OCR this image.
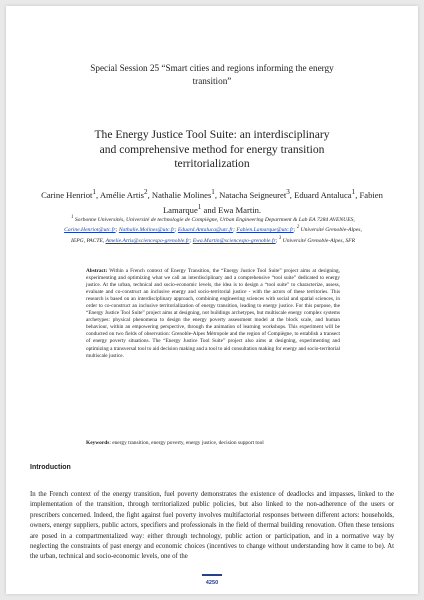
Special Session 25 “Smart cities and regions informing the energy
transition”
The Energy Justice Tool Suite: an interdisciplinary
and comprehensive method for energy transition
territorialization
Carine Henriot$^1$, Amélie Artis$^2$, Nathalie Molines$^1$, Natacha Seigneuret$^3$, Eduard Antaluca$^1$, Fabien Lamarque$^1$ and Ewa Martin.
$^1$ Sorbonne Universités, Université de technologie de Compiègne, Urban Engineering Department & Lab EA 7284 AVENUES, Carine.Henriot@utc.fr; Nathalie.Molines@utc.fr; Eduard.Antaluca@utc.fr; Fabien.Lamarque@utc.fr; $^2$ Université Grenoble-Alpes, IEPG, PACTE, Amelie.Artis@sciencespo-grenoble.fr; Ewa.Martin@sciencespo-grenoble.fr; $^3$ Université Grenoble-Alpes, SFR
Abstract: Within a French context of Energy Transition, the “Energy Justice Tool Suite” project aims at designing, experimenting and optimizing what we call an interdisciplinary and a comprehensive “tool suite” dedicated to energy justice. At the urban, technical and socio-economic levels, the idea is to design a “tool suite” to characterize, assess, evaluate and co-construct an inclusive energy and socio-territorial justice - with the actors of these territories. This research is based on an interdisciplinary approach, combining engineering sciences with social and spatial sciences, in order to co-construct an inclusive territorialization of energy transition, leading to energy justice. For this purpose, the “Energy Justice Tool Suite” project aims at designing, not buildings archetypes, but multiscale energy complex systems archetypes: physical phenomena to design the energy poverty assessment model at the block scale, and human behaviour, within an empowering perspective, through the animation of learning workshops. This experiment will be conducted on two fields of observation: Grenoble-Alpes Métropole and the region of Compiègne, to establish a transect of energy poverty situations. The “Energy Justice Tool Suite” project also aims at designing, experimenting and optimizing a transversal tool to aid decision making and a tool to aid consultation making for energy and socio-territorial multiscale justice.
Keywords: energy transition, energy poverty, energy justice, decision support tool
Introduction
In the French context of the energy transition, fuel poverty demonstrates the existence of deadlocks and impasses, linked to the implementation of the transition, through territorialized public policies, but also linked to the non-adherence of the users or prescribers concerned. Indeed, the fight against fuel poverty involves multifactorial responses between different actors: households, owners, energy suppliers, public actors, specifiers and professionals in the field of thermal building renovation. Often these tensions are posed in a compartmentalized way: either through technology, public action or participation, and in a normative way by neglecting the constraints of past energy and economic choices (incentives to change without understanding how it came to be). At the urban, technical and socio-economic levels, one of the
4250
